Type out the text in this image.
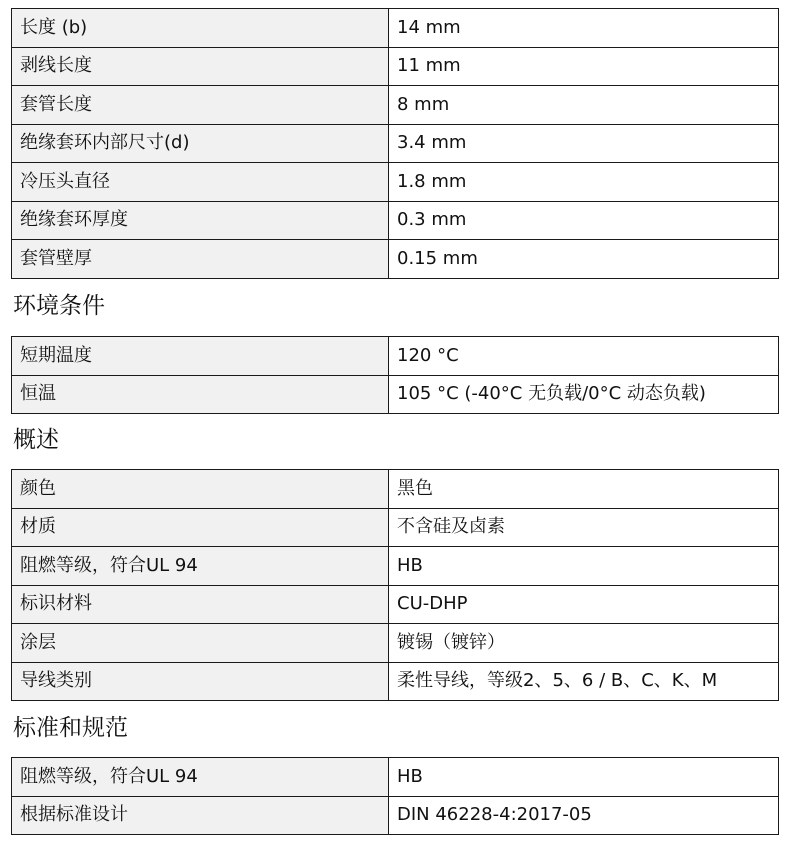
长度 (b)	14 mm
剥线长度	11 mm
套管长度	8 mm
绝缘套环内部尺寸(d)	3.4 mm
冷压头直径	1.8 mm
绝缘套环厚度	0.3 mm
套管壁厚	0.15 mm
环境条件
短期温度	120 °C
恒温	105 °C (-40°C 无负载/0°C 动态负载)
概述
颜色	黑色
材质	不含硅及卤素
阻燃等级，符合UL 94	HB
标识材料	CU-DHP
涂层	镀锡（镀锌）
导线类别	柔性导线，等级2、5、6 / B、C、K、M
标准和规范
阻燃等级，符合UL 94	HB
根据标准设计	DIN 46228-4:2017-05
